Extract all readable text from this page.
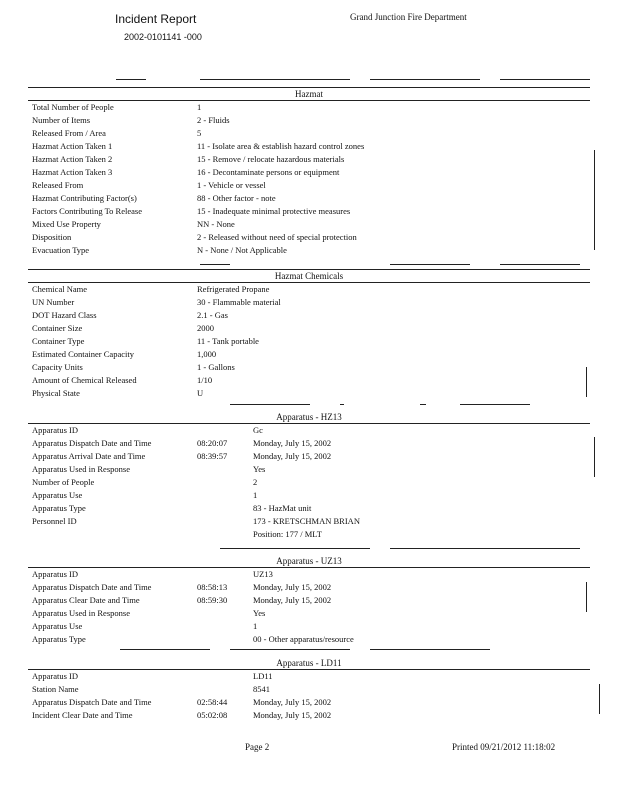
Incident Report
2002-0101141 -000
Grand Junction Fire Department
Hazmat
Total Number of People	1
Number of Items	2 - Fluids
Released From / Area	5
Hazmat Action Taken 1	11 - Isolate area & establish hazard control zones
Hazmat Action Taken 2	15 - Remove / relocate hazardous materials
Hazmat Action Taken 3	16 - Decontaminate persons or equipment
Released From	1 - Vehicle or vessel
Hazmat Contributing Factor(s)	88 - Other factor - note
Factors Contributing To Release	15 - Inadequate minimal protective measures
Mixed Use Property	NN - None
Disposition	2 - Released without need of special protection
Evacuation Type	N - None / Not Applicable
Hazmat Chemicals
Chemical Name	Refrigerated Propane
UN Number	30 - Flammable material
DOT Hazard Class	2.1 - Gas
Container Size	2000
Container Type	11 - Tank portable
Estimated Container Capacity	1,000
Capacity Units	1 - Gallons
Amount of Chemical Released	1/10
Physical State	U
Apparatus - HZ13
Apparatus ID	Gc
Apparatus Dispatch Date and Time	08:20:07	Monday, July 15, 2002
Apparatus Arrival Date and Time	08:39:57	Monday, July 15, 2002
Apparatus Used in Response	Yes
Number of People	2
Apparatus Use	1
Apparatus Type	83 - HazMat unit
Personnel ID	173 - KRETSCHMAN BRIAN
Position: 177 / MLT
Apparatus - UZ13
Apparatus ID	UZ13
Apparatus Dispatch Date and Time	08:58:13	Monday, July 15, 2002
Apparatus Clear Date and Time	08:59:30	Monday, July 15, 2002
Apparatus Used in Response	Yes
Apparatus Use	1
Apparatus Type	00 - Other apparatus/resource
Apparatus - LD11
Apparatus ID	LD11
Station Name	8541
Apparatus Dispatch Date and Time	02:58:44	Monday, July 15, 2002
Incident Clear Date and Time	05:02:08	Monday, July 15, 2002
Page 2	Printed 09/21/2012 11:18:02
